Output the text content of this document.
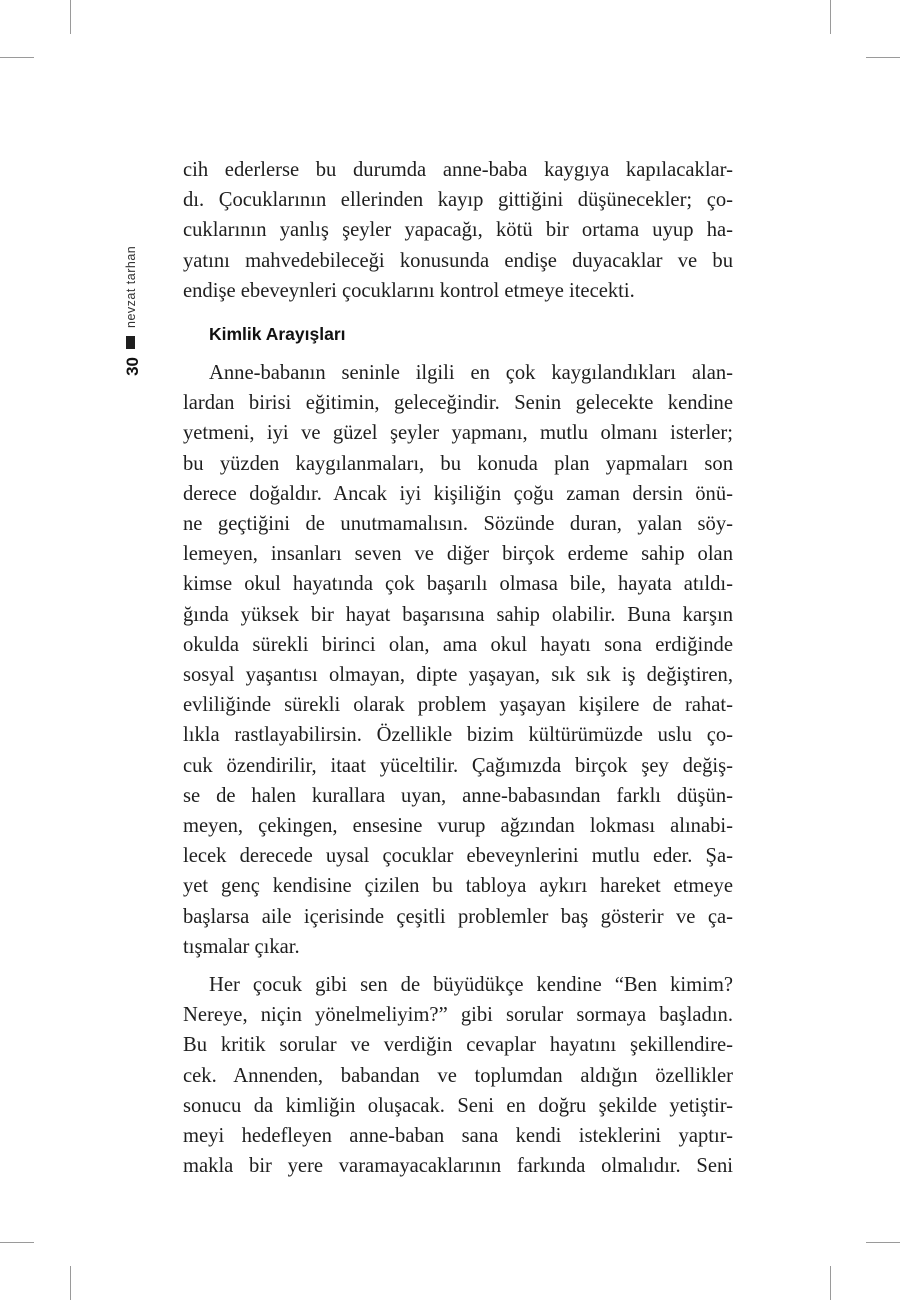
nevzat tarhan
30
cih ederlerse bu durumda anne-baba kaygıya kapılacaklar-
dı. Çocuklarının ellerinden kayıp gittiğini düşünecekler; ço-
cuklarının yanlış şeyler yapacağı, kötü bir ortama uyup ha-
yatını mahvedebileceği konusunda endişe duyacaklar ve bu
endişe ebeveynleri çocuklarını kontrol etmeye itecekti.
Kimlik Arayışları
Anne-babanın seninle ilgili en çok kaygılandıkları alan-
lardan birisi eğitimin, geleceğindir. Senin gelecekte kendine
yetmeni, iyi ve güzel şeyler yapmanı, mutlu olmanı isterler;
bu yüzden kaygılanmaları, bu konuda plan yapmaları son
derece doğaldır. Ancak iyi kişiliğin çoğu zaman dersin önü-
ne geçtiğini de unutmamalısın. Sözünde duran, yalan söy-
lemeyen, insanları seven ve diğer birçok erdeme sahip olan
kimse okul hayatında çok başarılı olmasa bile, hayata atıldı-
ğında yüksek bir hayat başarısına sahip olabilir. Buna karşın
okulda sürekli birinci olan, ama okul hayatı sona erdiğinde
sosyal yaşantısı olmayan, dipte yaşayan, sık sık iş değiştiren,
evliliğinde sürekli olarak problem yaşayan kişilere de rahat-
lıkla rastlayabilirsin. Özellikle bizim kültürümüzde uslu ço-
cuk özendirilir, itaat yüceltilir. Çağımızda birçok şey değiş-
se de halen kurallara uyan, anne-babasından farklı düşün-
meyen, çekingen, ensesine vurup ağzından lokması alınabi-
lecek derecede uysal çocuklar ebeveynlerini mutlu eder. Şa-
yet genç kendisine çizilen bu tabloya aykırı hareket etmeye
başlarsa aile içerisinde çeşitli problemler baş gösterir ve ça-
tışmalar çıkar.
Her çocuk gibi sen de büyüdükçe kendine “Ben kimim?
Nereye, niçin yönelmeliyim?” gibi sorular sormaya başladın.
Bu kritik sorular ve verdiğin cevaplar hayatını şekillendire-
cek. Annenden, babandan ve toplumdan aldığın özellikler
sonucu da kimliğin oluşacak. Seni en doğru şekilde yetiştir-
meyi hedefleyen anne-baban sana kendi isteklerini yaptır-
makla bir yere varamayacaklarının farkında olmalıdır. Seni
